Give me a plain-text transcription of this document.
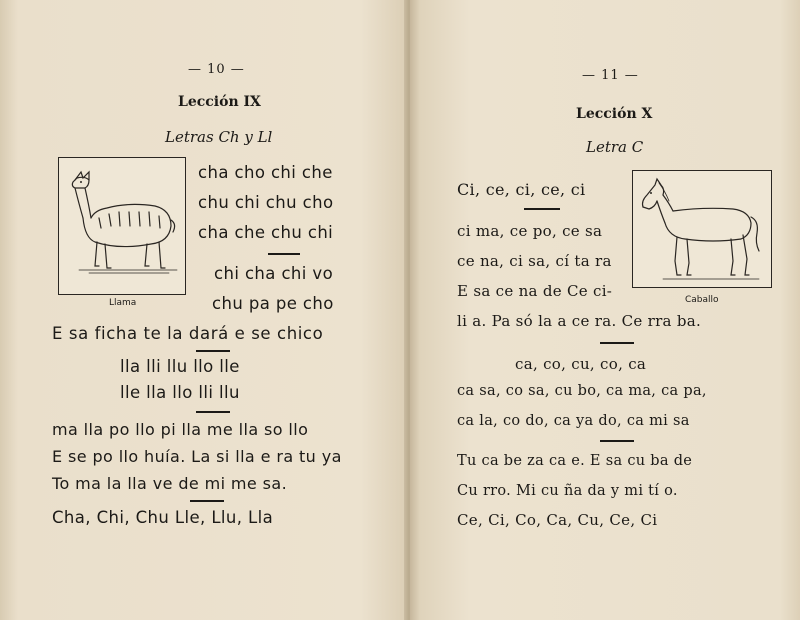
— 10 —
Lección IX
Letras Ch y Ll
Llama
cha cho chi che
chu chi chu cho
cha che chu chi
chi cha chi vo
chu pa pe cho
E sa ficha te la dará e se chico
lla lli llu llo lle
lle lla llo lli llu
ma lla po llo pi lla me lla so llo
E se po llo huía. La si lla e ra tu ya
To ma la lla ve de mi me sa.
Cha, Chi, Chu Lle, Llu, Lla
— 11 —
Lección X
Letra C
Ci, ce, ci, ce, ci
Caballo
ci ma, ce po, ce sa
ce na, ci sa, cí ta ra
E sa ce na de Ce ci-
li a. Pa só la a ce ra. Ce rra ba.
ca, co, cu, co, ca
ca sa, co sa, cu bo, ca ma, ca pa,
ca la, co do, ca ya do, ca mi sa
Tu ca be za ca e. E sa cu ba de
Cu rro. Mi cu ña da y mi tí o.
Ce, Ci, Co, Ca, Cu, Ce, Ci
